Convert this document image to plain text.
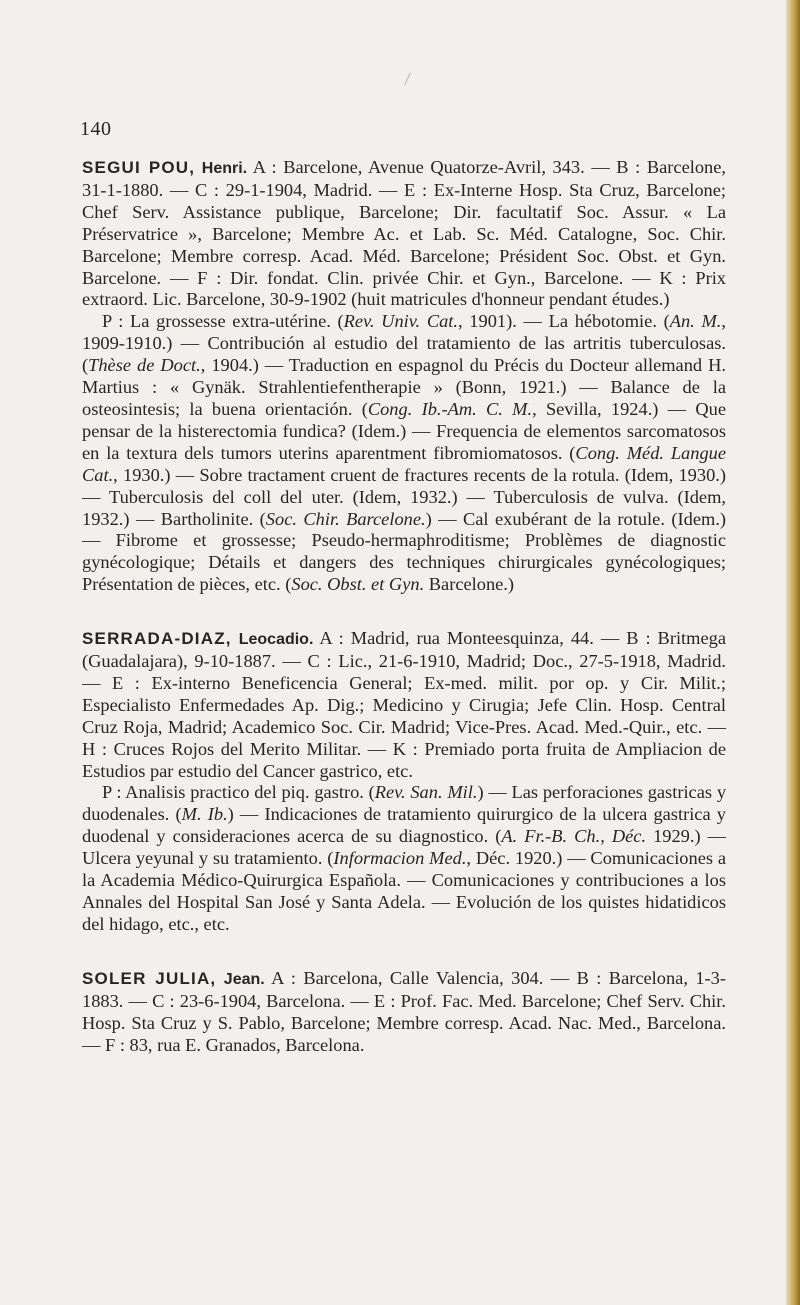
140

SEGUI POU, Henri. A : Barcelone, Avenue Quatorze-Avril, 343. — B : Barcelone, 31-1-1880. — C : 29-1-1904, Madrid. — E : Ex-Interne Hosp. Sta Cruz, Barcelone; Chef Serv. Assistance publique, Barcelone; Dir. facultatif Soc. Assur. « La Préservatrice », Barcelone; Membre Ac. et Lab. Sc. Méd. Catalogne, Soc. Chir. Barcelone; Membre corresp. Acad. Méd. Barcelone; Président Soc. Obst. et Gyn. Barcelone. — F : Dir. fondat. Clin. privée Chir. et Gyn., Barcelone. — K : Prix extraord. Lic. Barcelone, 30-9-1902 (huit matricules d'honneur pendant études.)

P : La grossesse extra-utérine. (Rev. Univ. Cat., 1901). — La hébotomie. (An. M., 1909-1910.) — Contribución al estudio del tratamiento de las artritis tuberculosas. (Thèse de Doct., 1904.) — Traduction en espagnol du Précis du Docteur allemand H. Martius : « Gynäk. Strahlentiefentherapie » (Bonn, 1921.) — Balance de la osteosintesis; la buena orientación. (Cong. Ib.-Am. C. M., Sevilla, 1924.) — Que pensar de la histerectomia fundica? (Idem.) — Frequencia de elementos sarcomatosos en la textura dels tumors uterins aparentment fibromiomatosos. (Cong. Méd. Langue Cat., 1930.) — Sobre tractament cruent de fractures recents de la rotula. (Idem, 1930.) — Tuberculosis del coll del uter. (Idem, 1932.) — Tuberculosis de vulva. (Idem, 1932.) — Bartholinite. (Soc. Chir. Barcelone.) — Cal exubérant de la rotule. (Idem.) — Fibrome et grossesse; Pseudo-hermaphroditisme; Problèmes de diagnostic gynécologique; Détails et dangers des techniques chirurgicales gynécologiques; Présentation de pièces, etc. (Soc. Obst. et Gyn. Barcelone.)

SERRADA-DIAZ, Leocadio. A : Madrid, rua Monteesquinza, 44. — B : Britmega (Guadalajara), 9-10-1887. — C : Lic., 21-6-1910, Madrid; Doc., 27-5-1918, Madrid. — E : Ex-interno Beneficencia General; Ex-med. milit. por op. y Cir. Milit.; Especialisto Enfermedades Ap. Dig.; Medicino y Cirugia; Jefe Clin. Hosp. Central Cruz Roja, Madrid; Academico Soc. Cir. Madrid; Vice-Pres. Acad. Med.-Quir., etc. — H : Cruces Rojos del Merito Militar. — K : Premiado porta fruita de Ampliacion de Estudios par estudio del Cancer gastrico, etc.

P : Analisis practico del piq. gastro. (Rev. San. Mil.) — Las perforaciones gastricas y duodenales. (M. Ib.) — Indicaciones de tratamiento quirurgico de la ulcera gastrica y duodenal y consideraciones acerca de su diagnostico. (A. Fr.-B. Ch., Déc. 1929.) — Ulcera yeyunal y su tratamiento. (Informacion Med., Déc. 1920.) — Comunicaciones a la Academia Médico-Quirurgica Española. — Comunicaciones y contribuciones a los Annales del Hospital San José y Santa Adela. — Evolución de los quistes hidatidicos del hidago, etc., etc.

SOLER JULIA, Jean. A : Barcelona, Calle Valencia, 304. — B : Barcelona, 1-3-1883. — C : 23-6-1904, Barcelona. — E : Prof. Fac. Med. Barcelone; Chef Serv. Chir. Hosp. Sta Cruz y S. Pablo, Barcelone; Membre corresp. Acad. Nac. Med., Barcelona. — F : 83, rua E. Granados, Barcelona.
